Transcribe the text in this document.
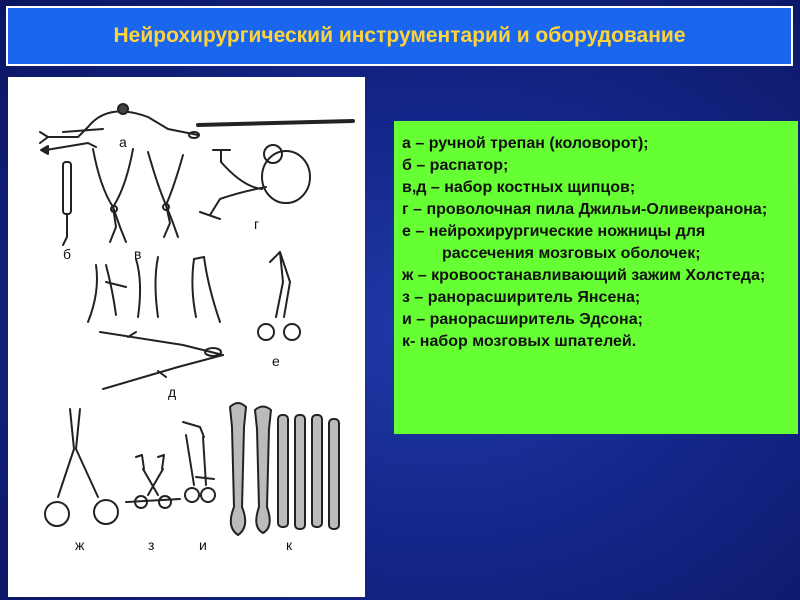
Нейрохирургический инструментарий и оборудование
а
б	в
г
д
е
ж	з	и	к

а – ручной трепан (коловорот);

б – распатор;

в,д – набор костных щипцов;

г – проволочная пила Джильи-Оливекранона;

е – нейрохирургические ножницы для рассечения мозговых оболочек;

ж – кровоостанавливающий зажим Холстеда;

з – ранорасширитель Янсена;

и – ранорасширитель Эдсона;

к- набор мозговых шпателей.
